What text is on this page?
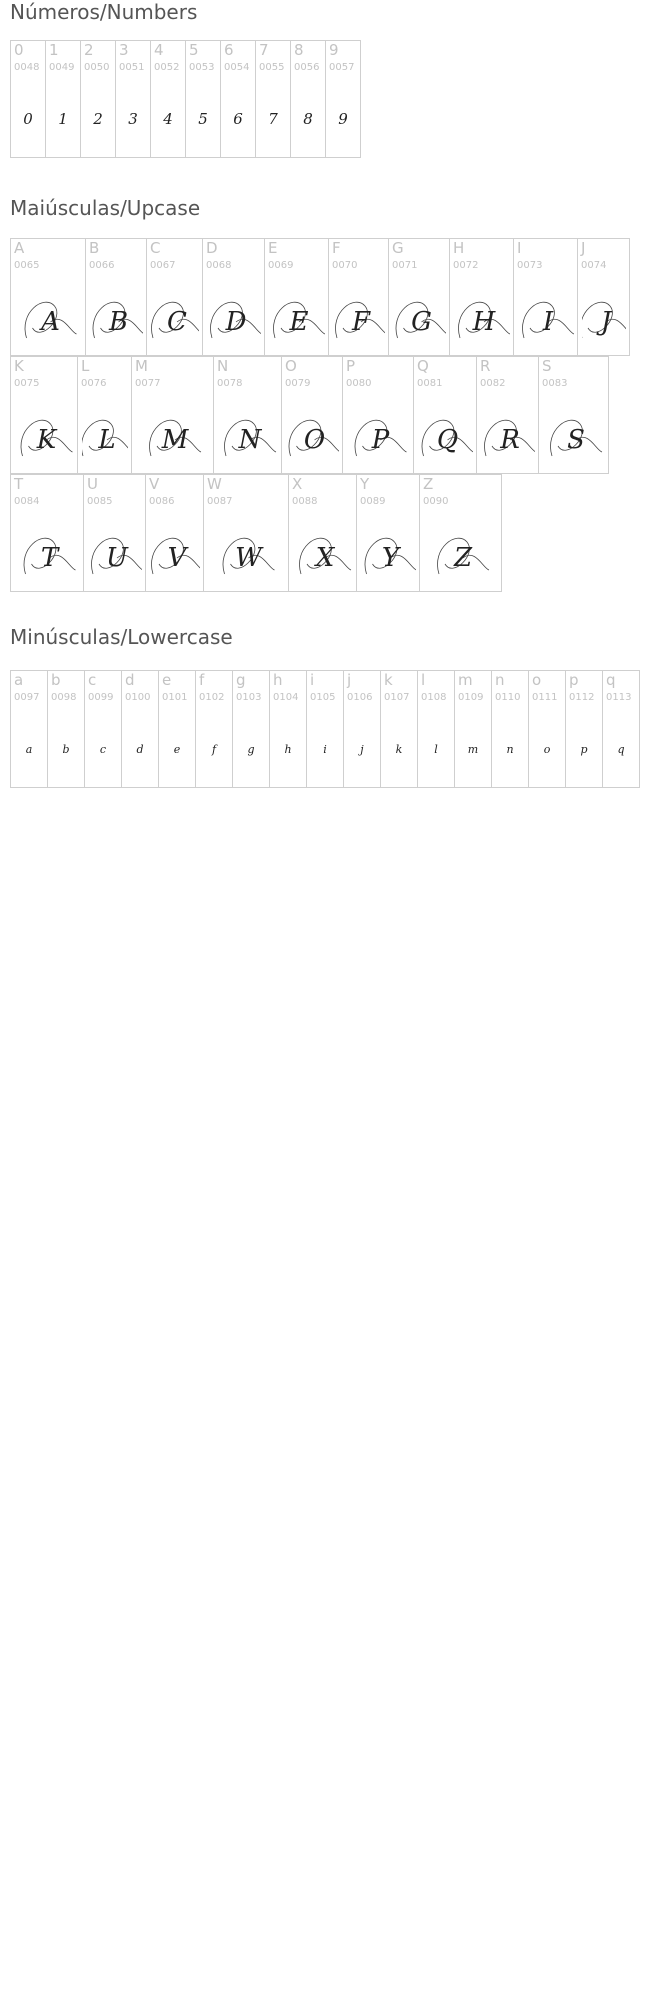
Números/Numbers
0
0048
0
1
0049
1
2
0050
2
3
0051
3
4
0052
4
5
0053
5
6
0054
6
7
0055
7
8
0056
8
9
0057
9
Maiúsculas/Upcase
A
0065
A
B
0066
B
C
0067
C
D
0068
D
E
0069
E
F
0070
F
G
0071
G
H
0072
H
I
0073
I
J
0074
J
K
0075
K
L
0076
L
M
0077
M
N
0078
N
O
0079
O
P
0080
P
Q
0081
Q
R
0082
R
S
0083
S
T
0084
T
U
0085
U
V
0086
V
W
0087
W
X
0088
X
Y
0089
Y
Z
0090
Z
Minúsculas/Lowercase
a
0097
a
b
0098
b
c
0099
c
d
0100
d
e
0101
e
f
0102
f
g
0103
g
h
0104
h
i
0105
i
j
0106
j
k
0107
k
l
0108
l
m
0109
m
n
0110
n
o
0111
o
p
0112
p
q
0113
q
